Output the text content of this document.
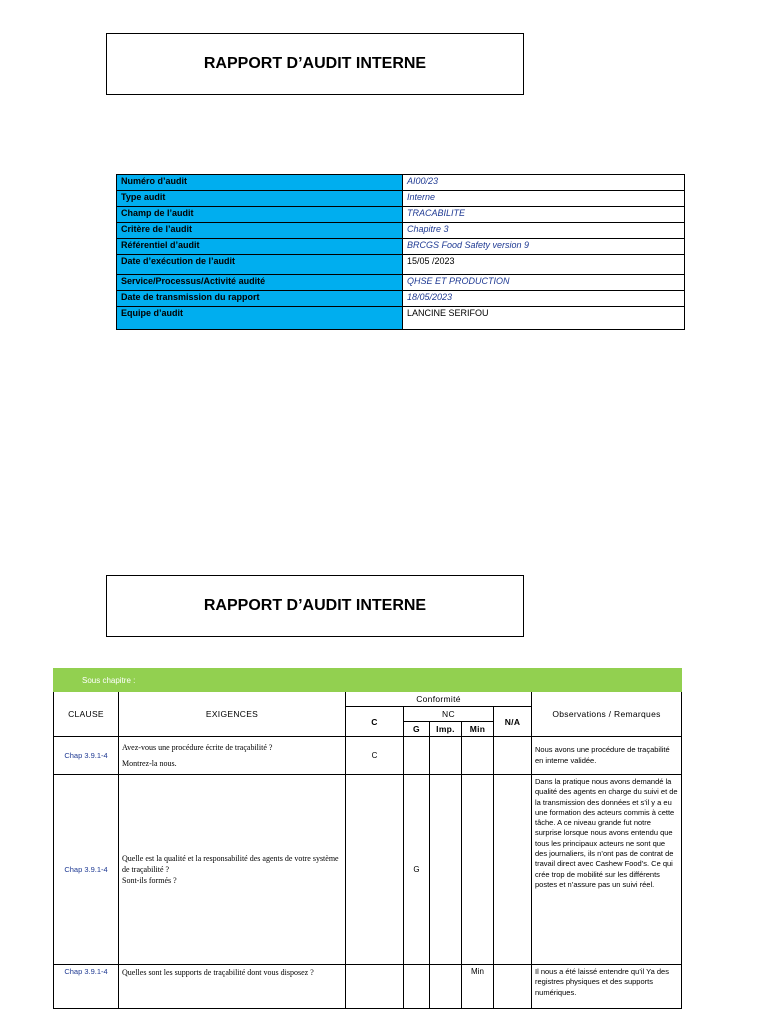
RAPPORT D’AUDIT INTERNE
Numéro d’audit	AI00/23
Type audit	Interne
Champ de l’audit	TRACABILITE
Critère de l’audit	Chapitre 3
Référentiel d’audit	BRCGS Food Safety version 9
Date d’exécution de l’audit	15/05 /2023
Service/Processus/Activité audité	QHSE ET PRODUCTION
Date de transmission du rapport	18/05/2023
Equipe d’audit	LANCINE SERIFOU
RAPPORT D’AUDIT INTERNE
Sous chapitre :							
CLAUSE	EXIGENCES	Conformité					Observations / Remarques
		C	NC			N/A	
			G	Imp.	Min		
Chap 3.9.1-4	Avez-vous une procédure écrite de traçabilité ?
Montrez-la nous.	C					Nous avons une procédure de traçabilité en interne validée.
Chap 3.9.1-4	Quelle est la qualité et la responsabilité des agents de votre système de traçabilité ?
Sont-ils formés ?		G				Dans la pratique nous avons demandé la qualité des agents en charge du suivi et de la transmission des données et s’il y a eu une formation des acteurs commis à cette tâche. A ce niveau grande fut notre surprise lorsque nous avons entendu que tous les principaux acteurs ne sont que des journaliers, ils n’ont pas de contrat de travail direct avec Cashew Food’s. Ce qui crée trop de mobilité sur les différents postes et n’assure pas un suivi réel.
Chap 3.9.1-4	Quelles sont les supports de traçabilité dont vous disposez ?				Min		Il nous a été laissé entendre qu’il Ya des registres physiques et des supports numériques.
